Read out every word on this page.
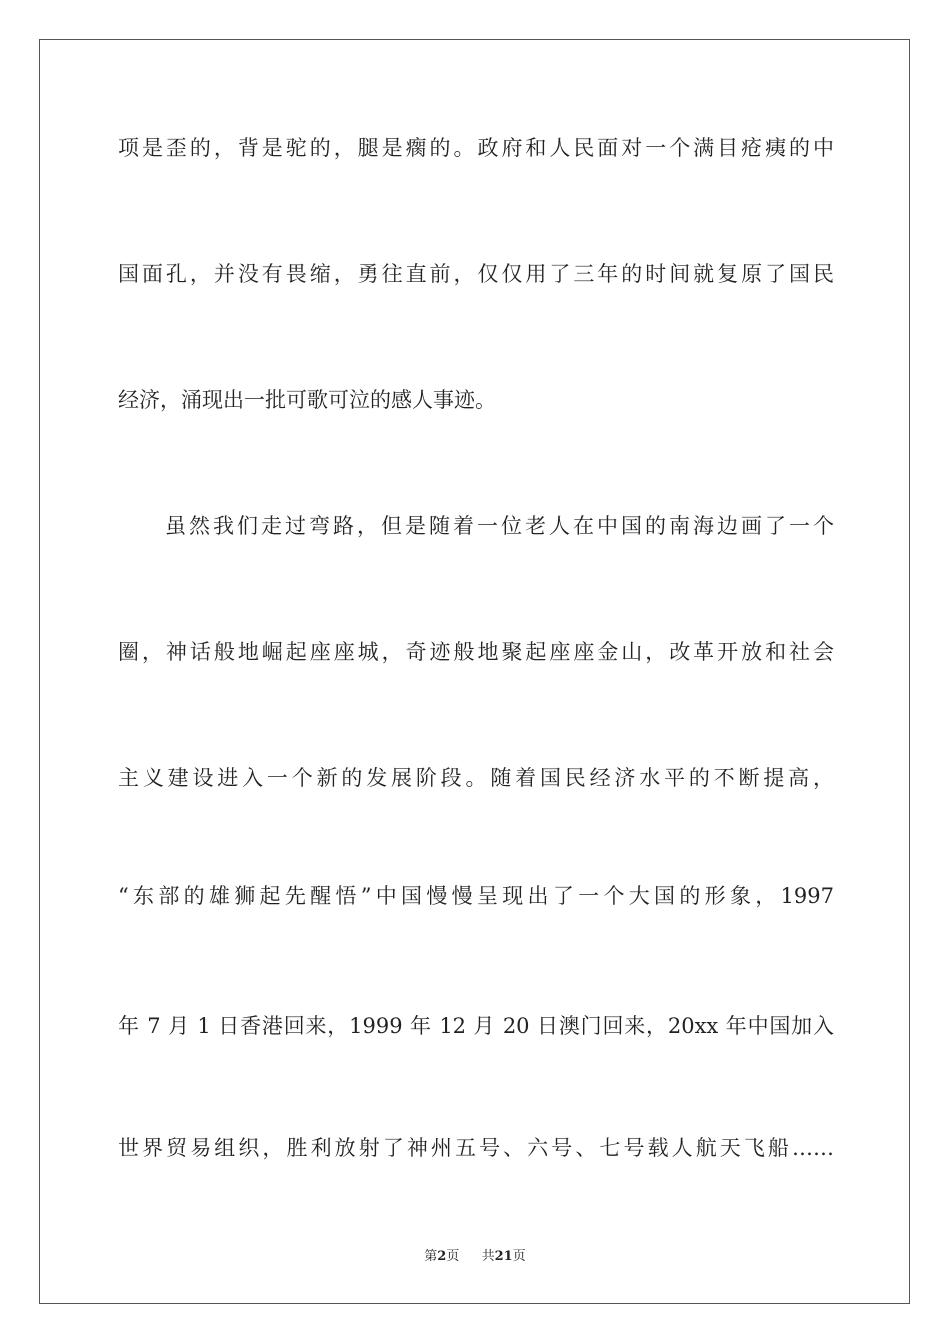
项是歪的，背是驼的，腿是瘸的。政府和人民面对一个满目疮痍的中
国面孔，并没有畏缩，勇往直前，仅仅用了三年的时间就复原了国民
经济，涌现出一批可歌可泣的感人事迹。
虽然我们走过弯路，但是随着一位老人在中国的南海边画了一个
圈，神话般地崛起座座城，奇迹般地聚起座座金山，改革开放和社会
主义建设进入一个新的发展阶段。随着国民经济水平的不断提高，
“东部的雄狮起先醒悟”中国慢慢呈现出了一个大国的形象，1997
年 7 月 1 日香港回来，1999 年 12 月 20 日澳门回来，20xx 年中国加入
世界贸易组织，胜利放射了神州五号、六号、七号载人航天飞船……
第2页 共21页
